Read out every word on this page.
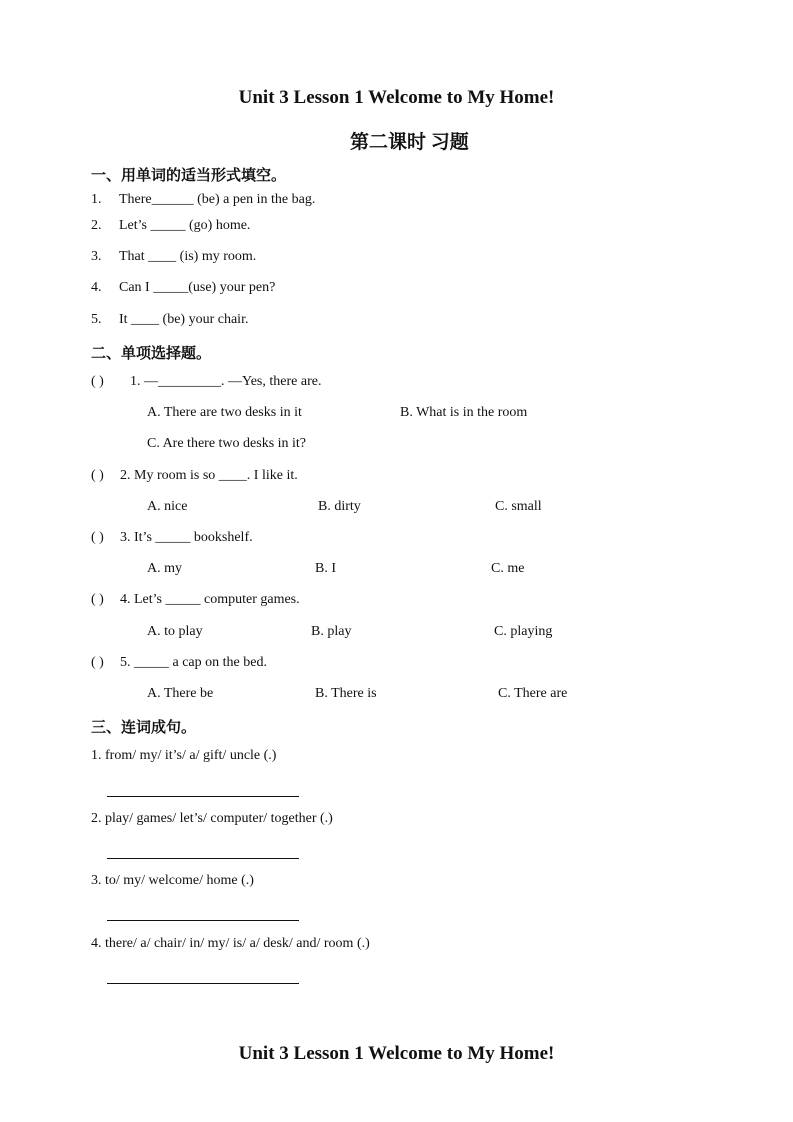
Unit 3 Lesson 1 Welcome to My Home!
第二课时 习题
一、用单词的适当形式填空。
1. There______ (be) a pen in the bag.
2. Let’s _____ (go) home.
3. That ____ (is) my room.
4. Can I _____(use) your pen?
5. It ____ (be) your chair.
二、单项选择题。
( ) 1. —_________. —Yes, there are.
A. There are two desks in it	B. What is in the room
C. Are there two desks in it?
( ) 2. My room is so ____. I like it.
A. nice	B. dirty	C. small
( ) 3. It’s _____ bookshelf.
A. my	B. I	C. me
( ) 4. Let’s _____ computer games.
A. to play	B. play	C. playing
( ) 5. _____ a cap on the bed.
A. There be	B. There is	C. There are
三、连词成句。
1. from/ my/ it’s/ a/ gift/ uncle (.)
2. play/ games/ let’s/ computer/ together (.)
3. to/ my/ welcome/ home (.)
4. there/ a/ chair/ in/ my/ is/ a/ desk/ and/ room (.)
Unit 3 Lesson 1 Welcome to My Home!
